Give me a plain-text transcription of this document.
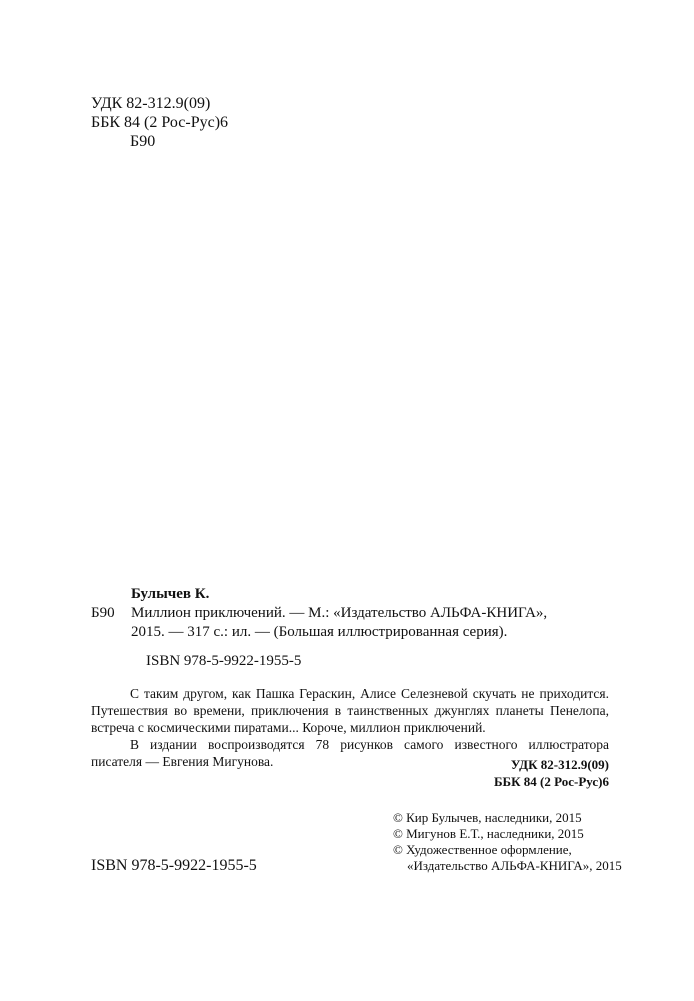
УДК 82-312.9(09)
ББК 84 (2 Рос-Рус)6
Б90
Булычев К.
Б90 Миллион приключений. — М.: «Издательство АЛЬФА-КНИГА»,
2015. — 317 с.: ил. — (Большая иллюстрированная серия).
ISBN 978-5-9922-1955-5

С таким другом, как Пашка Гераскин, Алисе Селезневой скучать не приходится. Путешествия во времени, приключения в таинственных джунглях планеты Пенелопа, встреча с космическими пиратами... Короче, миллион приключений.

В издании воспроизводятся 78 рисунков самого известного иллюстратора писателя — Евгения Мигунова.	УДК 82-312.9(09)
ББК 84 (2 Рос-Рус)6
ISBN 978-5-9922-1955-5
© Кир Булычев, наследники, 2015
© Мигунов Е.Т., наследники, 2015
© Художественное оформление,
«Издательство АЛЬФА-КНИГА», 2015
